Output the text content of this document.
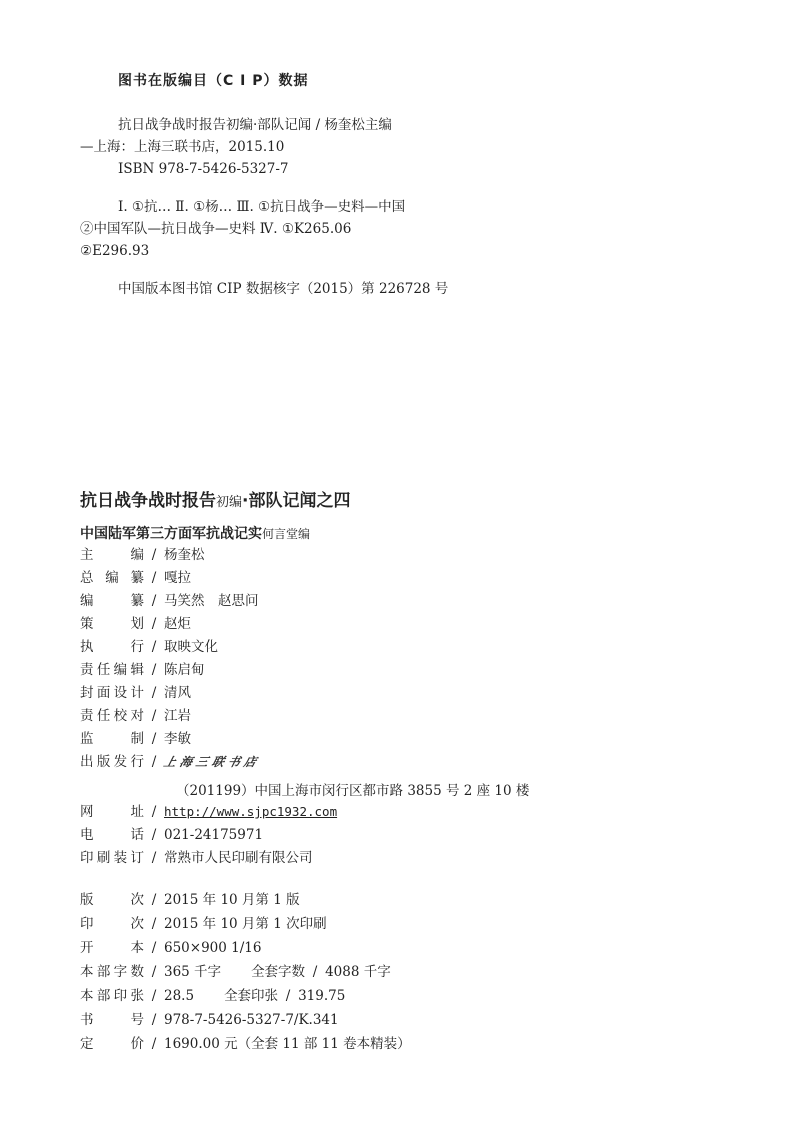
图书在版编目（C I P）数据
抗日战争战时报告初编·部队记闻 / 杨奎松主编
—上海：上海三联书店，2015.10
ISBN 978-7-5426-5327-7
Ⅰ. ①抗… Ⅱ. ①杨… Ⅲ. ①抗日战争—史料—中国
②中国军队—抗日战争—史料 Ⅳ. ①K265.06
②E296.93
中国版本图书馆 CIP 数据核字（2015）第 226728 号
抗日战争战时报告初编·部队记闻之四
中国陆军第三方面军抗战记实何言堂编
主编 / 杨奎松
总编纂 / 嘎拉
编纂 / 马笑然　赵思问
策划 / 赵炬
执行 / 取映文化
责任编辑 / 陈启甸
封面设计 / 清风
责任校对 / 江岩
监制 / 李敏
出版发行 / 上海三联书店
（201199）中国上海市闵行区都市路 3855 号 2 座 10 楼
网址 / http://www.sjpc1932.com
电话 / 021-24175971
印刷装订 / 常熟市人民印刷有限公司
版次 / 2015 年 10 月第 1 版
印次 / 2015 年 10 月第 1 次印刷
开本 / 650×900 1/16
本部字数 / 365 千字 全套字数 / 4088 千字
本部印张 / 28.5 全套印张 / 319.75
书号 / 978-7-5426-5327-7/K.341
定价 / 1690.00 元（全套 11 部 11 卷本精装）
